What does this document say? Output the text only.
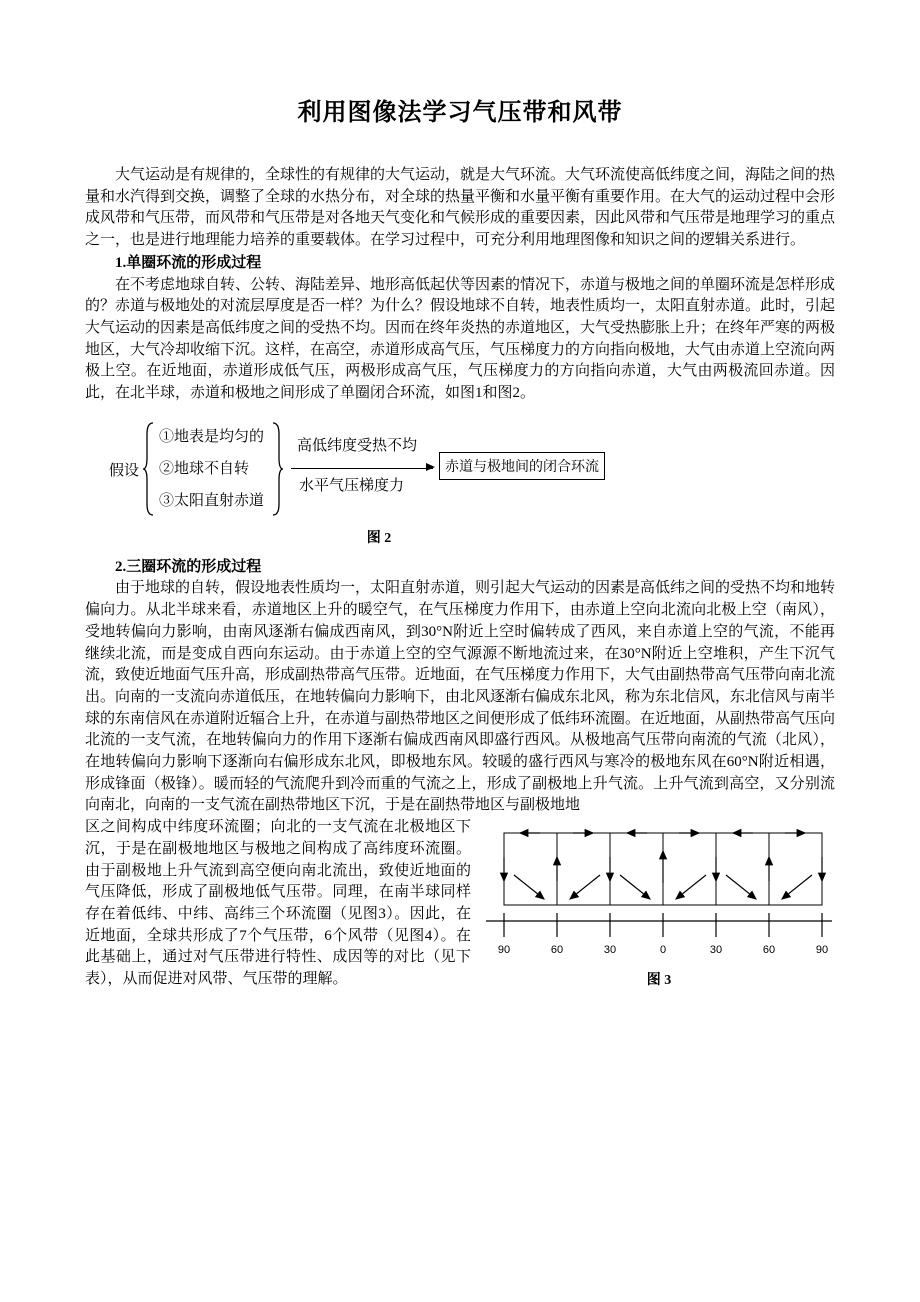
利用图像法学习气压带和风带

大气运动是有规律的，全球性的有规律的大气运动，就是大气环流。大气环流使高低纬度之间，海陆之间的热量和水汽得到交换，调整了全球的水热分布，对全球的热量平衡和水量平衡有重要作用。在大气的运动过程中会形成风带和气压带，而风带和气压带是对各地天气变化和气候形成的重要因素，因此风带和气压带是地理学习的重点之一，也是进行地理能力培养的重要载体。在学习过程中，可充分利用地理图像和知识之间的逻辑关系进行。

1.单圈环流的形成过程

在不考虑地球自转、公转、海陆差异、地形高低起伏等因素的情况下，赤道与极地之间的单圈环流是怎样形成的？赤道与极地处的对流层厚度是否一样？为什么？假设地球不自转，地表性质均一，太阳直射赤道。此时，引起大气运动的因素是高低纬度之间的受热不均。因而在终年炎热的赤道地区，大气受热膨胀上升；在终年严寒的两极地区，大气冷却收缩下沉。这样，在高空，赤道形成高气压，气压梯度力的方向指向极地，大气由赤道上空流向两极上空。在近地面，赤道形成低气压，两极形成高气压，气压梯度力的方向指向赤道，大气由两极流回赤道。因此，在北半球，赤道和极地之间形成了单圈闭合环流，如图1和图2。

假设
①地表是均匀的
②地球不自转
③太阳直射赤道
高低纬度受热不均
水平气压梯度力
赤道与极地间的闭合环流
图 2
2.三圈环流的形成过程

由于地球的自转，假设地表性质均一，太阳直射赤道，则引起大气运动的因素是高低纬之间的受热不均和地转偏向力。从北半球来看，赤道地区上升的暖空气，在气压梯度力作用下，由赤道上空向北流向北极上空（南风），受地转偏向力影响，由南风逐渐右偏成西南风，到30°N附近上空时偏转成了西风，来自赤道上空的气流，不能再继续北流，而是变成自西向东运动。由于赤道上空的空气源源不断地流过来，在30°N附近上空堆积，产生下沉气流，致使近地面气压升高，形成副热带高气压带。近地面，在气压梯度力作用下，大气由副热带高气压带向南北流出。向南的一支流向赤道低压，在地转偏向力影响下，由北风逐渐右偏成东北风，称为东北信风，东北信风与南半球的东南信风在赤道附近辐合上升，在赤道与副热带地区之间便形成了低纬环流圈。在近地面，从副热带高气压向北流的一支气流，在地转偏向力的作用下逐渐右偏成西南风即盛行西风。从极地高气压带向南流的气流（北风），在地转偏向力影响下逐渐向右偏形成东北风，即极地东风。较暖的盛行西风与寒冷的极地东风在60°N附近相遇，形成锋面（极锋）。暖而轻的气流爬升到冷而重的气流之上，形成了副极地上升气流。上升气流到高空，又分别流向南北，向南的一支气流在副热带地区下沉，于是在副热带地区与副极地地

90	60	30	0	30	60	90
图 3

区之间构成中纬度环流圈；向北的一支气流在北极地区下沉，于是在副极地地区与极地之间构成了高纬度环流圈。由于副极地上升气流到高空便向南北流出，致使近地面的气压降低，形成了副极地低气压带。同理，在南半球同样存在着低纬、中纬、高纬三个环流圈（见图3）。因此，在近地面，全球共形成了7个气压带，6个风带（见图4）。在此基础上，通过对气压带进行特性、成因等的对比（见下表），从而促进对风带、气压带的理解。
